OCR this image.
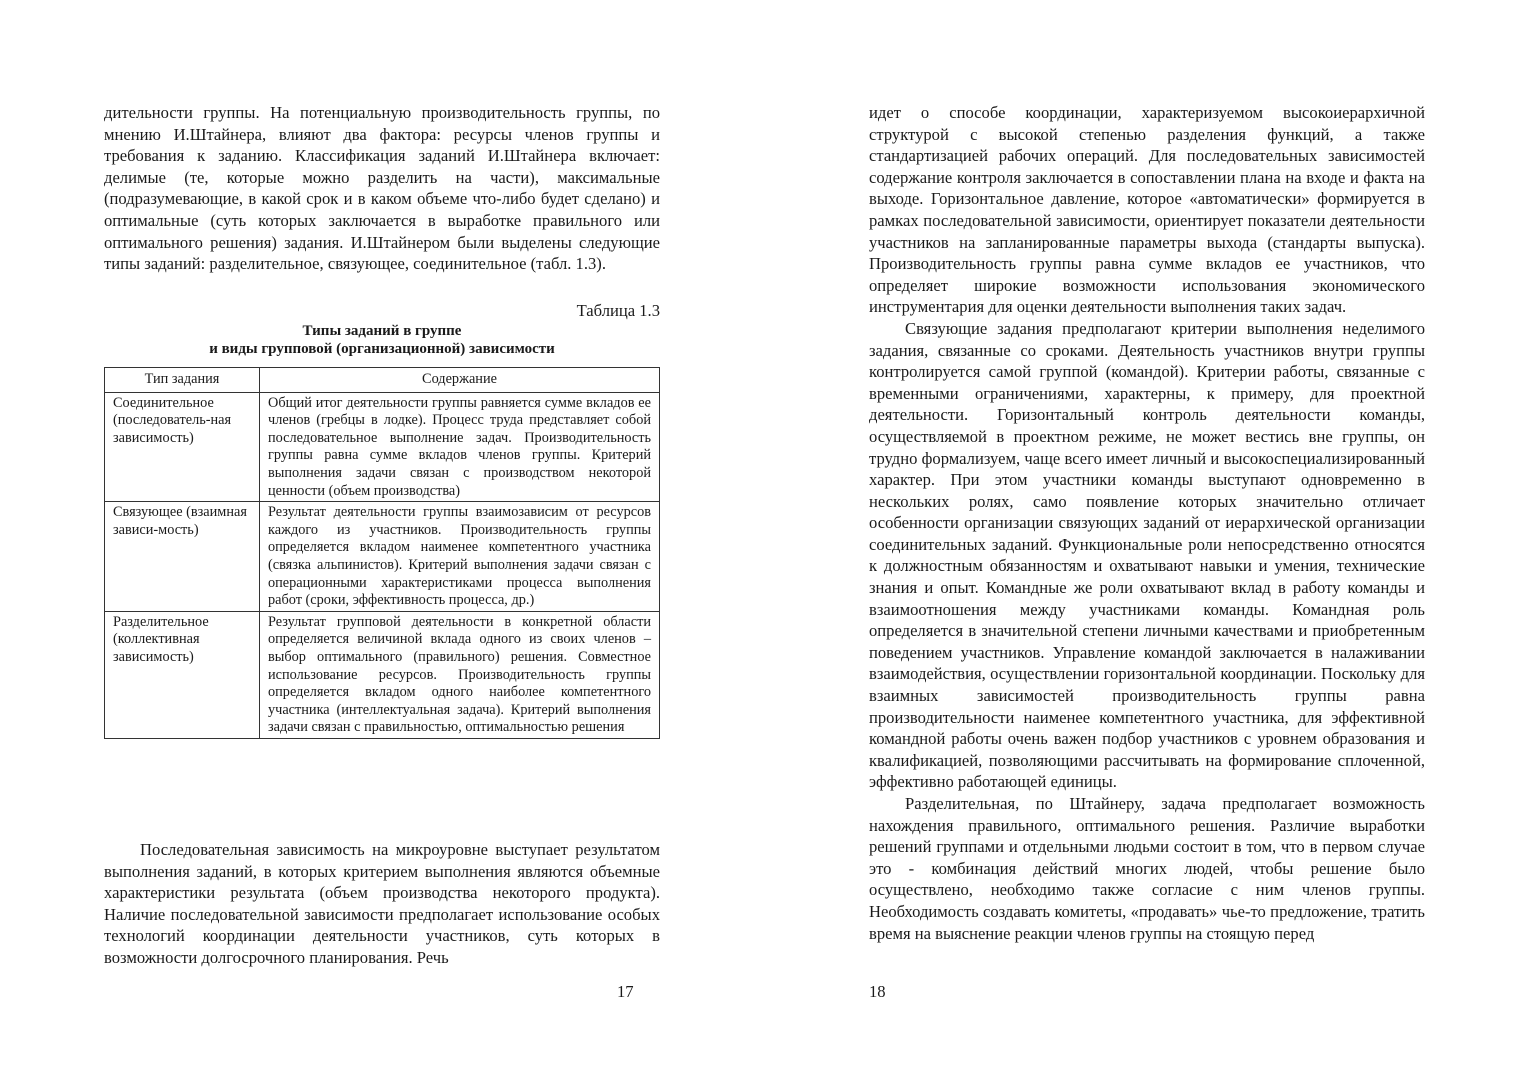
дительности группы. На потенциальную производительность группы, по мнению И.Штайнера, влияют два фактора: ресурсы членов группы и требования к заданию. Классификация заданий И.Штайнера включает: делимые (те, которые можно разделить на части), максимальные (подразумевающие, в какой срок и в каком объеме что-либо будет сделано) и оптимальные (суть которых заключается в выработке правильного или оптимального решения) задания. И.Штайнером были выделены следующие типы заданий: разделительное, связующее, соединительное (табл. 1.3).

Таблица 1.3
Типы заданий в группе
и виды групповой (организационной) зависимости
Тип задания	Содержание
Соединительное (последователь-ная зависимость)	Общий итог деятельности группы равняется сумме вкладов ее членов (гребцы в лодке). Процесс труда представляет собой последовательное выполнение задач. Производительность группы равна сумме вкладов членов группы. Критерий выполнения задачи связан с производством некоторой ценности (объем производства)
Связующее (взаимная зависи-мость)	Результат деятельности группы взаимозависим от ресурсов каждого из участников. Производительность группы определяется вкладом наименее компетентного участника (связка альпинистов). Критерий выполнения задачи связан с операционными характеристиками процесса выполнения работ (сроки, эффективность процесса, др.)
Разделительное (коллективная зависимость)	Результат групповой деятельности в конкретной области определяется величиной вклада одного из своих членов – выбор оптимального (правильного) решения. Совместное использование ресурсов. Производительность группы определяется вкладом одного наиболее компетентного участника (интеллектуальная задача). Критерий выполнения задачи связан с правильностью, оптимальностью решения

Последовательная зависимость на микроуровне выступает результатом выполнения заданий, в которых критерием выполнения являются объемные характеристики результата (объем производства некоторого продукта). Наличие последовательной зависимости предполагает использование особых технологий координации деятельности участников, суть которых в возможности долгосрочного планирования. Речь

17

идет о способе координации, характеризуемом высокоиерархичной структурой с высокой степенью разделения функций, а также стандартизацией рабочих операций. Для последовательных зависимостей содержание контроля заключается в сопоставлении плана на входе и факта на выходе. Горизонтальное давление, которое «автоматически» формируется в рамках последовательной зависимости, ориентирует показатели деятельности участников на запланированные параметры выхода (стандарты выпуска). Производительность группы равна сумме вкладов ее участников, что определяет широкие возможности использования экономического инструментария для оценки деятельности выполнения таких задач.

Связующие задания предполагают критерии выполнения неделимого задания, связанные со сроками. Деятельность участников внутри группы контролируется самой группой (командой). Критерии работы, связанные с временными ограничениями, характерны, к примеру, для проектной деятельности. Горизонтальный контроль деятельности команды, осуществляемой в проектном режиме, не может вестись вне группы, он трудно формализуем, чаще всего имеет личный и высокоспециализированный характер. При этом участники команды выступают одновременно в нескольких ролях, само появление которых значительно отличает особенности организации связующих заданий от иерархической организации соединительных заданий. Функциональные роли непосредственно относятся к должностным обязанностям и охватывают навыки и умения, технические знания и опыт. Командные же роли охватывают вклад в работу команды и взаимоотношения между участниками команды. Командная роль определяется в значительной степени личными качествами и приобретенным поведением участников. Управление командой заключается в налаживании взаимодействия, осуществлении горизонтальной координации. Поскольку для взаимных зависимостей производительность группы равна производительности наименее компетентного участника, для эффективной командной работы очень важен подбор участников с уровнем образования и квалификацией, позволяющими рассчитывать на формирование сплоченной, эффективно работающей единицы.

Разделительная, по Штайнеру, задача предполагает возможность нахождения правильного, оптимального решения. Различие выработки решений группами и отдельными людьми состоит в том, что в первом случае это - комбинация действий многих людей, чтобы решение было осуществлено, необходимо также согласие с ним членов группы. Необходимость создавать комитеты, «продавать» чье-то предложение, тратить время на выяснение реакции членов группы на стоящую перед

18
